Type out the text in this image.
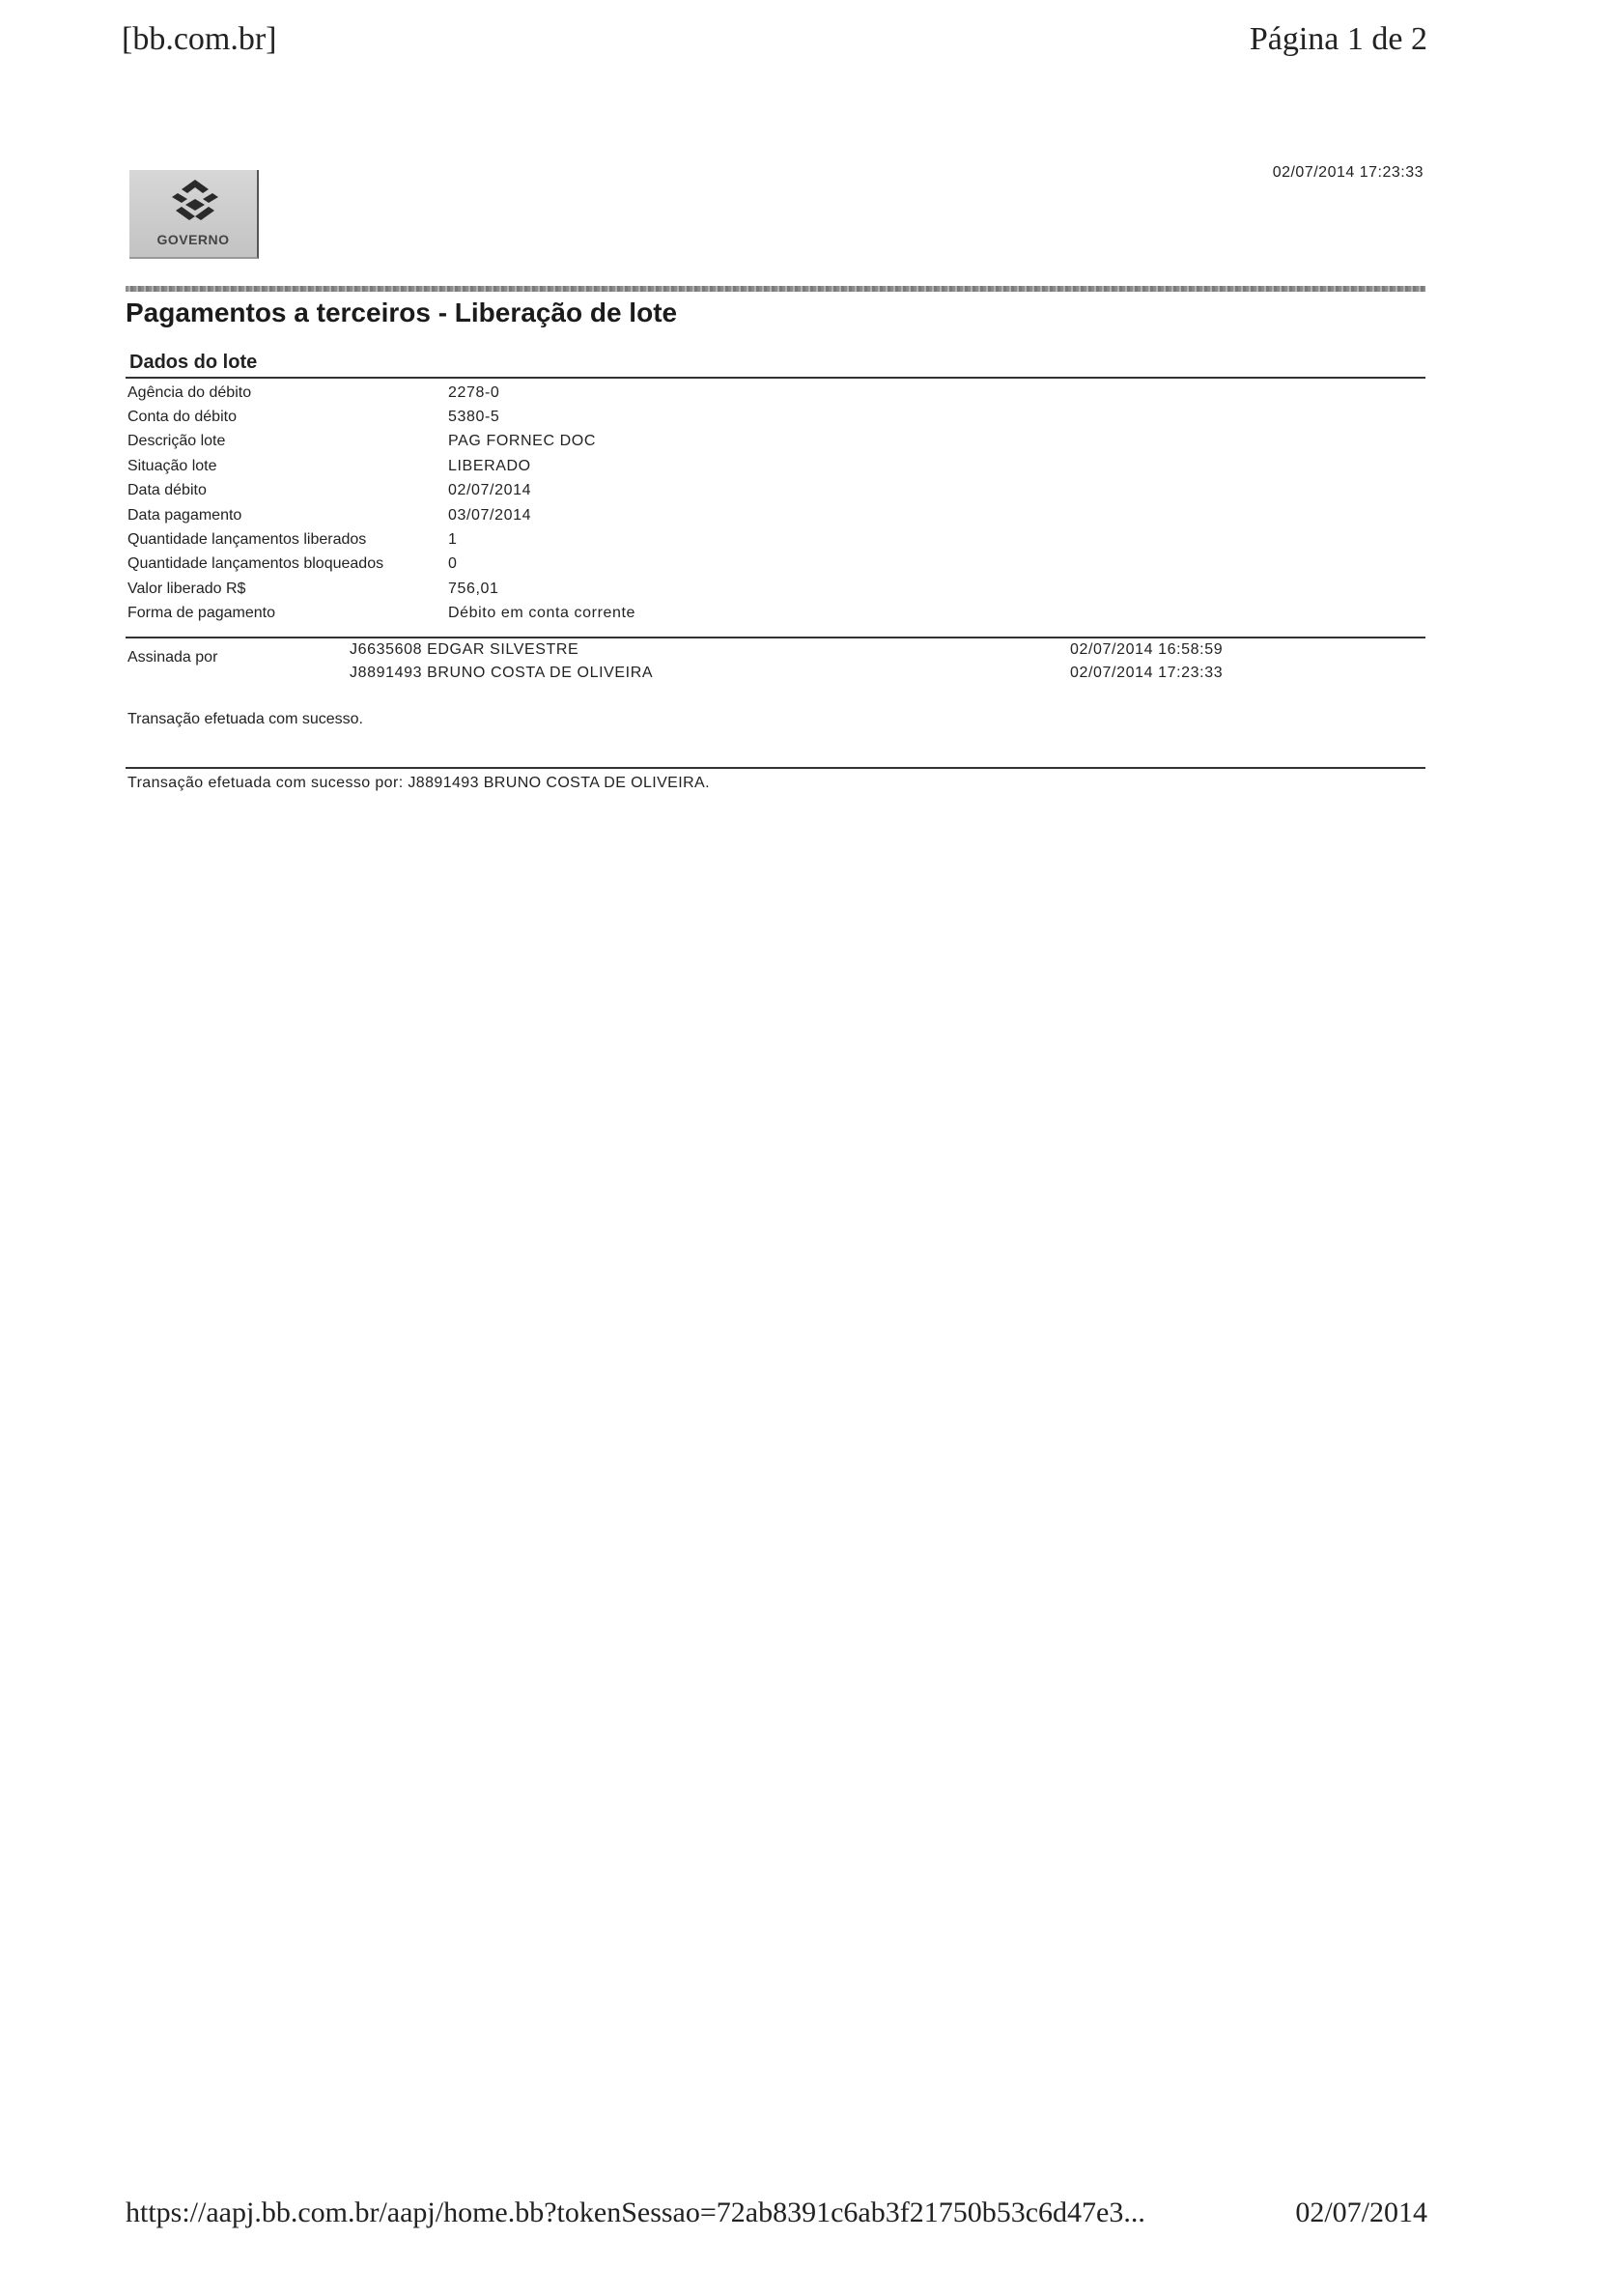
[bb.com.br]	Página 1 de 2
02/07/2014 17:23:33
GOVERNO
Pagamentos a terceiros - Liberação de lote
Dados do lote
Agência do débito	2278-0
Conta do débito	5380-5
Descrição lote	PAG FORNEC DOC
Situação lote	LIBERADO
Data débito	02/07/2014
Data pagamento	03/07/2014
Quantidade lançamentos liberados	1
Quantidade lançamentos bloqueados	0
Valor liberado R$	756,01
Forma de pagamento	Débito em conta corrente
Assinada por	J6635608 EDGAR SILVESTRE	02/07/2014 16:58:59
J8891493 BRUNO COSTA DE OLIVEIRA	02/07/2014 17:23:33
Transação efetuada com sucesso.
Transação efetuada com sucesso por: J8891493 BRUNO COSTA DE OLIVEIRA.
https://aapj.bb.com.br/aapj/home.bb?tokenSessao=72ab8391c6ab3f21750b53c6d47e3...	02/07/2014
